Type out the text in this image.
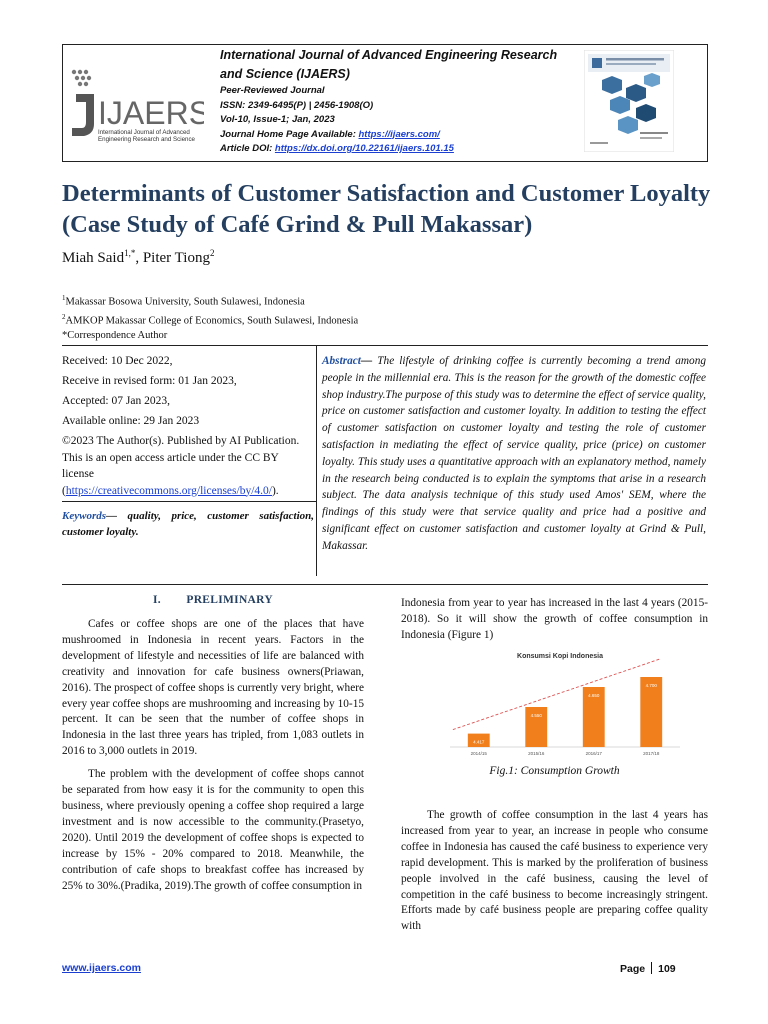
IJAERS
International Journal of Advanced
Engineering Research and Science
International Journal of Advanced Engineering Research
and Science (IJAERS)
Peer-Reviewed Journal
ISSN: 2349-6495(P) | 2456-1908(O)
Vol-10, Issue-1; Jan, 2023
Journal Home Page Available: https://ijaers.com/
Article DOI: https://dx.doi.org/10.22161/ijaers.101.15
Determinants of Customer Satisfaction and Customer Loyalty (Case Study of Café Grind & Pull Makassar)
Miah Said$^{1,*}$, Piter Tiong$^2$
$^1$Makassar Bosowa University, South Sulawesi, Indonesia
$^2$AMKOP Makassar College of Economics, South Sulawesi, Indonesia
*Correspondence Author

Received: 10 Dec 2022,

Receive in revised form: 01 Jan 2023,

Accepted: 07 Jan 2023,

Available online: 29 Jan 2023

©2023 The Author(s). Published by AI Publication. This is an open access article under the CC BY license

(https://creativecommons.org/licenses/by/4.0/).

Keywords— quality, price, customer satisfaction, customer loyalty.
Abstract— The lifestyle of drinking coffee is currently becoming a trend among people in the millennial era. This is the reason for the growth of the domestic coffee shop industry.The purpose of this study was to determine the effect of service quality, price on customer satisfaction and customer loyalty. In addition to testing the effect of customer satisfaction on customer loyalty and testing the role of customer satisfaction in mediating the effect of service quality, price (price) on customer loyalty. This study uses a quantitative approach with an explanatory method, namely in the research being conducted is to explain the symptoms that arise in a research subject. The data analysis technique of this study used Amos' SEM, where the findings of this study were that service quality and price had a positive and significant effect on customer satisfaction and customer loyalty at Grind & Pull, Makassar.
I.        PRELIMINARY

Cafes or coffee shops are one of the places that have mushroomed in Indonesia in recent years. Factors in the development of lifestyle and necessities of life are balanced with creativity and innovation for cafe business owners(Priawan, 2016). The prospect of coffee shops is currently very bright, where every year coffee shops are mushrooming and increasing by 10-15 percent. It can be seen that the number of coffee shops in Indonesia in the last three years has tripled, from 1,083 outlets in 2016 to 3,000 outlets in 2019.

The problem with the development of coffee shops cannot be separated from how easy it is for the community to open this business, where previously opening a coffee shop required a large investment and is now accessible to the community.(Prasetyo, 2020). Until 2019 the development of coffee shops is expected to increase by 15% - 20% compared to 2018. Meanwhile, the contribution of cafe shops to breakfast coffee has increased by 25% to 30%.(Pradika, 2019).The growth of coffee consumption in

Indonesia from year to year has increased in the last 4 years (2015-2018). So it will show the growth of coffee consumption in Indonesia (Figure 1)

Konsumsi Kopi Indonesia
4.417
2014/15
4.550
2015/16
4.650
2016/17
4.700
2017/18
Fig.1: Consumption Growth

The growth of coffee consumption in the last 4 years has increased from year to year, an increase in people who consume coffee in Indonesia has caused the café business to experience very rapid development. This is marked by the proliferation of business people involved in the café business, causing the level of competition in the café business to become increasingly stringent. Efforts made by café business people are preparing coffee quality with

www.ijaers.com	Page 109
